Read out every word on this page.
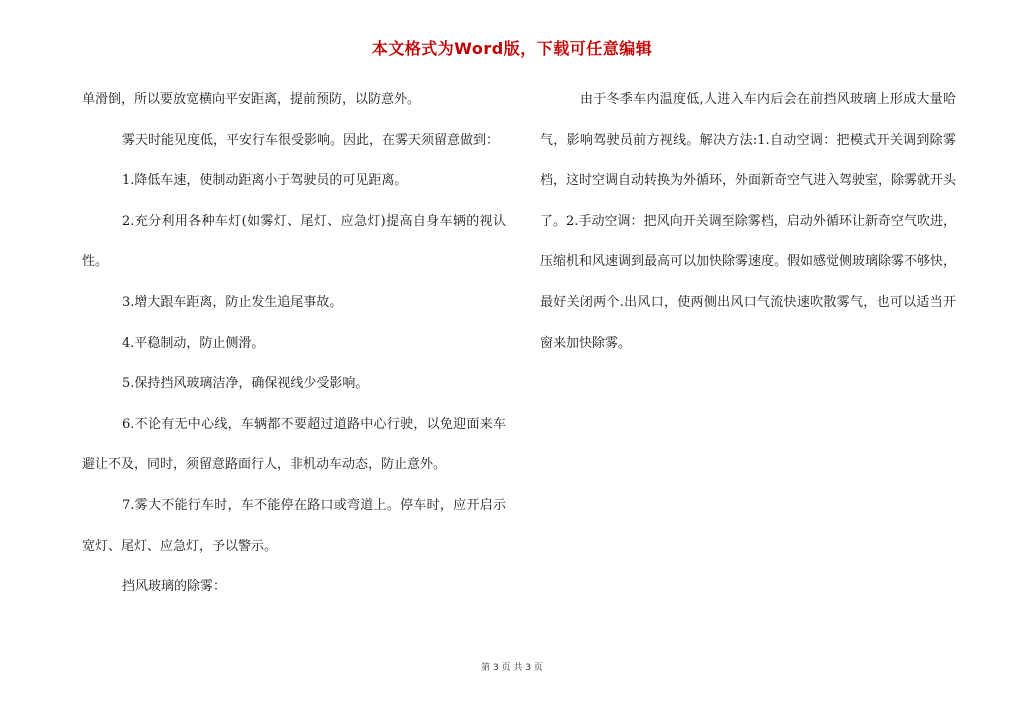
本文格式为Word版，下载可任意编辑

单滑倒，所以要放宽横向平安距离，提前预防，以防意外。

雾天时能见度低，平安行车很受影响。因此，在雾天须留意做到：

1.降低车速，使制动距离小于驾驶员的可见距离。

2.充分利用各种车灯(如雾灯、尾灯、应急灯)提高自身车辆的视认性。

3.增大跟车距离，防止发生追尾事故。

4.平稳制动，防止侧滑。

5.保持挡风玻璃洁净，确保视线少受影响。

6.不论有无中心线，车辆都不要超过道路中心行驶，以免迎面来车避让不及，同时，须留意路面行人，非机动车动态，防止意外。

7.雾大不能行车时，车不能停在路口或弯道上。停车时，应开启示宽灯、尾灯、应急灯，予以警示。

挡风玻璃的除雾：

由于冬季车内温度低,人进入车内后会在前挡风玻璃上形成大量哈气，影响驾驶员前方视线。解决方法:1.自动空调：把模式开关调到除雾档，这时空调自动转换为外循环，外面新奇空气进入驾驶室，除雾就开头了。2.手动空调：把风向开关调至除雾档，启动外循环让新奇空气吹进，压缩机和风速调到最高可以加快除雾速度。假如感觉侧玻璃除雾不够快，最好关闭两个.出风口，使两侧出风口气流快速吹散雾气，也可以适当开窗来加快除雾。

第 3 页 共 3 页
